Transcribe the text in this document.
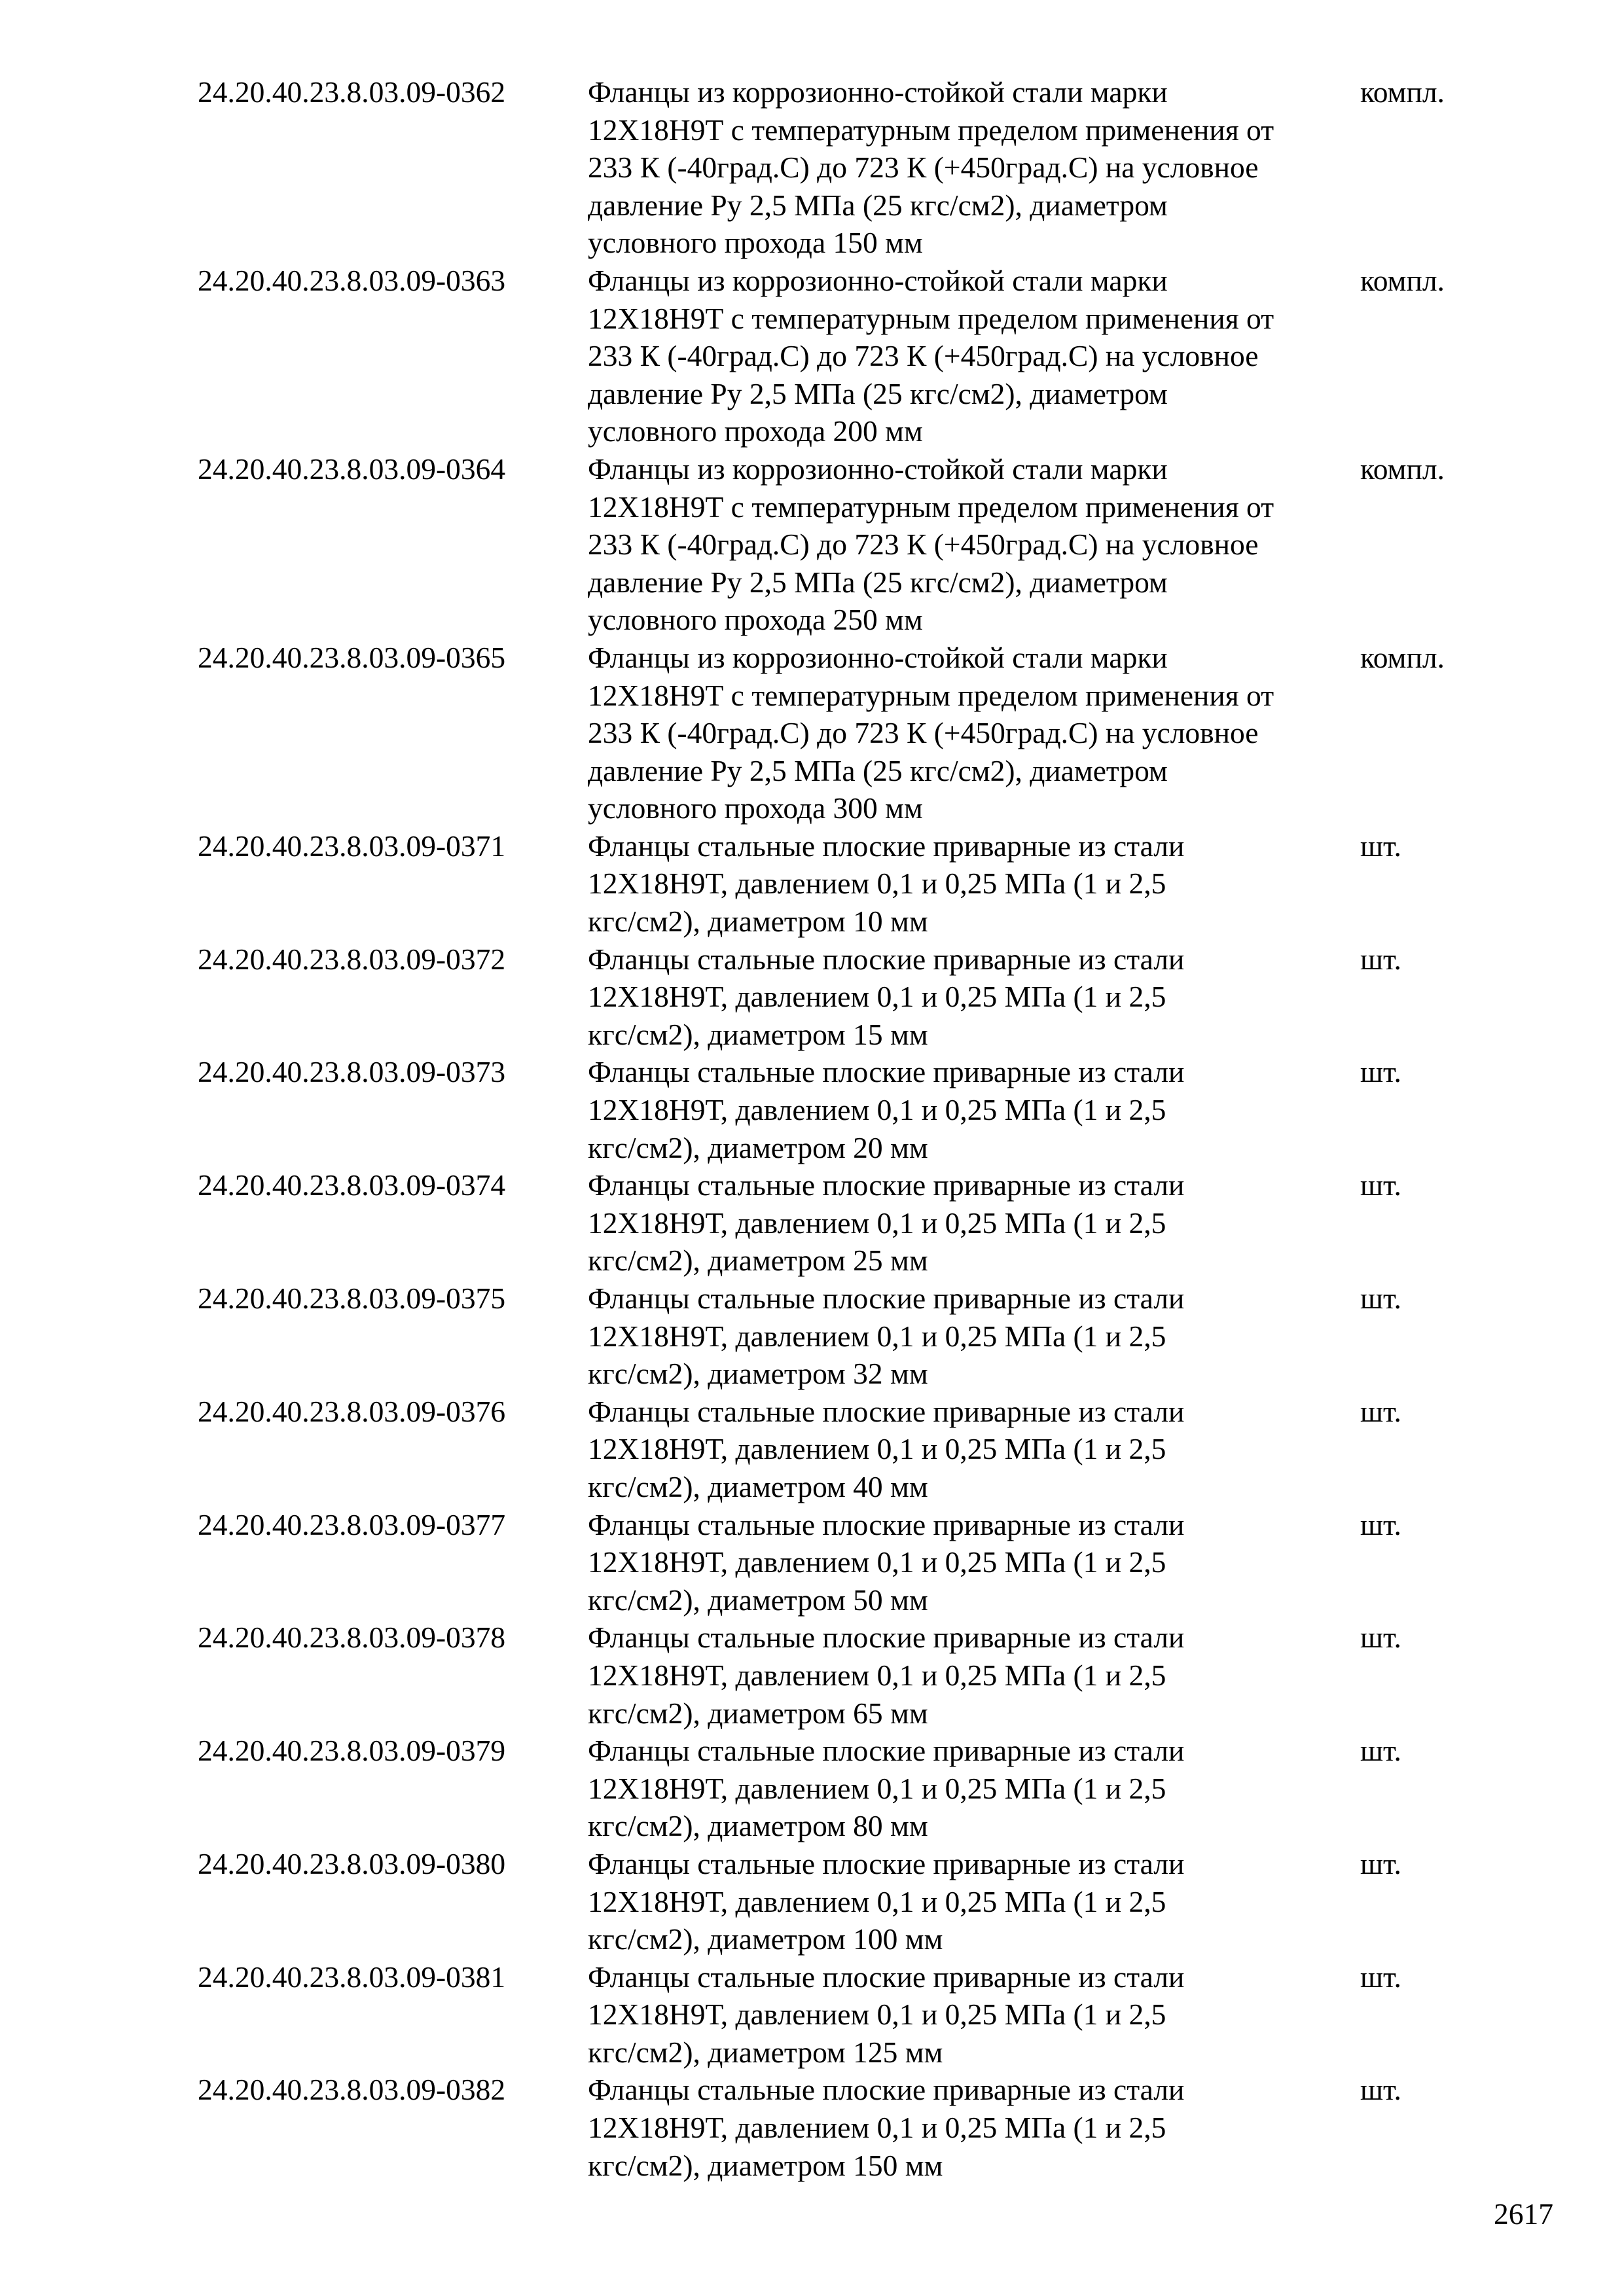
24.20.40.23.8.03.09-0362	Фланцы из коррозионно-стойкой стали марки
12Х18Н9Т с температурным пределом применения от
233 К (-40град.С) до 723 К (+450град.С) на условное
давление Ру 2,5 МПа (25 кгс/см2), диаметром
условного прохода 150 мм
компл.
24.20.40.23.8.03.09-0363	Фланцы из коррозионно-стойкой стали марки
12Х18Н9Т с температурным пределом применения от
233 К (-40град.С) до 723 К (+450град.С) на условное
давление Ру 2,5 МПа (25 кгс/см2), диаметром
условного прохода 200 мм
компл.
24.20.40.23.8.03.09-0364	Фланцы из коррозионно-стойкой стали марки
12Х18Н9Т с температурным пределом применения от
233 К (-40град.С) до 723 К (+450град.С) на условное
давление Ру 2,5 МПа (25 кгс/см2), диаметром
условного прохода 250 мм
компл.
24.20.40.23.8.03.09-0365	Фланцы из коррозионно-стойкой стали марки
12Х18Н9Т с температурным пределом применения от
233 К (-40град.С) до 723 К (+450град.С) на условное
давление Ру 2,5 МПа (25 кгс/см2), диаметром
условного прохода 300 мм
компл.
24.20.40.23.8.03.09-0371	Фланцы стальные плоские приварные из стали
12Х18Н9Т, давлением 0,1 и 0,25 МПа (1 и 2,5
кгс/см2), диаметром 10 мм
шт.
24.20.40.23.8.03.09-0372	Фланцы стальные плоские приварные из стали
12Х18Н9Т, давлением 0,1 и 0,25 МПа (1 и 2,5
кгс/см2), диаметром 15 мм
шт.
24.20.40.23.8.03.09-0373	Фланцы стальные плоские приварные из стали
12Х18Н9Т, давлением 0,1 и 0,25 МПа (1 и 2,5
кгс/см2), диаметром 20 мм
шт.
24.20.40.23.8.03.09-0374	Фланцы стальные плоские приварные из стали
12Х18Н9Т, давлением 0,1 и 0,25 МПа (1 и 2,5
кгс/см2), диаметром 25 мм
шт.
24.20.40.23.8.03.09-0375	Фланцы стальные плоские приварные из стали
12Х18Н9Т, давлением 0,1 и 0,25 МПа (1 и 2,5
кгс/см2), диаметром 32 мм
шт.
24.20.40.23.8.03.09-0376	Фланцы стальные плоские приварные из стали
12Х18Н9Т, давлением 0,1 и 0,25 МПа (1 и 2,5
кгс/см2), диаметром 40 мм
шт.
24.20.40.23.8.03.09-0377	Фланцы стальные плоские приварные из стали
12Х18Н9Т, давлением 0,1 и 0,25 МПа (1 и 2,5
кгс/см2), диаметром 50 мм
шт.
24.20.40.23.8.03.09-0378	Фланцы стальные плоские приварные из стали
12Х18Н9Т, давлением 0,1 и 0,25 МПа (1 и 2,5
кгс/см2), диаметром 65 мм
шт.
24.20.40.23.8.03.09-0379	Фланцы стальные плоские приварные из стали
12Х18Н9Т, давлением 0,1 и 0,25 МПа (1 и 2,5
кгс/см2), диаметром 80 мм
шт.
24.20.40.23.8.03.09-0380	Фланцы стальные плоские приварные из стали
12Х18Н9Т, давлением 0,1 и 0,25 МПа (1 и 2,5
кгс/см2), диаметром 100 мм
шт.
24.20.40.23.8.03.09-0381	Фланцы стальные плоские приварные из стали
12Х18Н9Т, давлением 0,1 и 0,25 МПа (1 и 2,5
кгс/см2), диаметром 125 мм
шт.
24.20.40.23.8.03.09-0382	Фланцы стальные плоские приварные из стали
12Х18Н9Т, давлением 0,1 и 0,25 МПа (1 и 2,5
кгс/см2), диаметром 150 мм
шт.
2617
